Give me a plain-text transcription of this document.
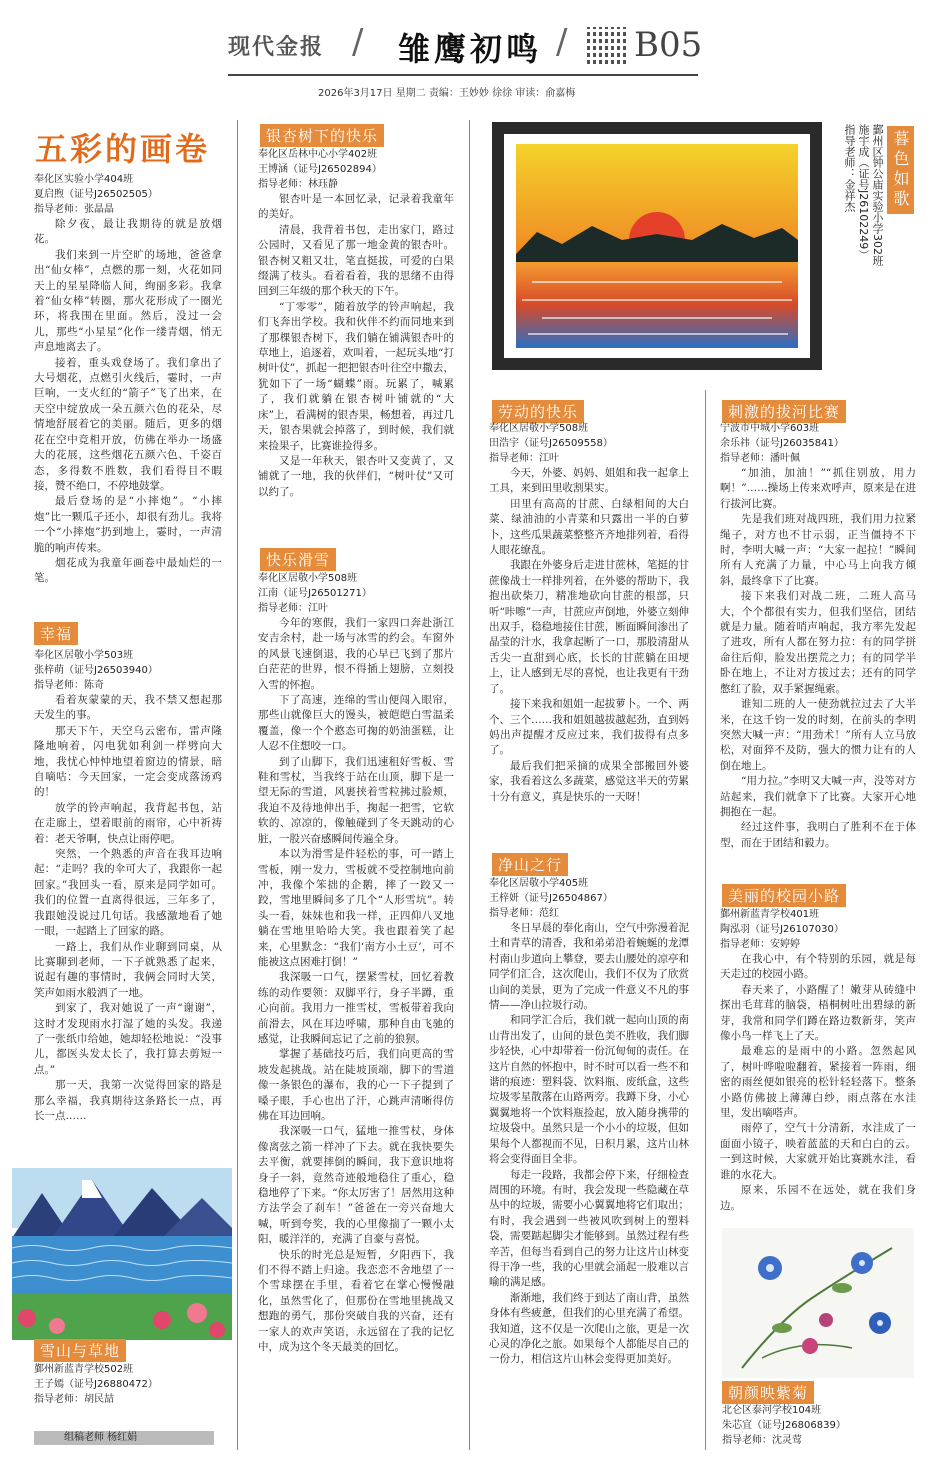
现代金报 / 雏鹰初鸣 / B05
2026年3月17日 星期二 责编：王妙妙 徐徐 审读：俞嘉梅
五彩的画卷
奉化区实验小学404班
夏启煦（证号J26502505）
指导老师：张晶晶

除夕夜，最让我期待的就是放烟花。

我们来到一片空旷的场地，爸爸拿出“仙女棒”，点燃的那一刻，火花如同天上的星星降临人间，绚丽多彩。我拿着“仙女棒”转圈，那火花形成了一圈光环，将我围在里面。然后，没过一会儿，那些“小星星”化作一缕青烟，悄无声息地离去了。

接着，重头戏登场了。我们拿出了大号烟花，点燃引火线后，霎时，一声巨响，一支火红的“箭子”飞了出来，在天空中绽放成一朵五颜六色的花朵，尽情地舒展着它的美丽。随后，更多的烟花在空中竞相开放，仿佛在举办一场盛大的花展，这些烟花五颜六色、千姿百态，多得数不胜数，我们看得目不暇接，赞不绝口，不停地鼓掌。

最后登场的是“小摔炮”。“小摔炮”比一颗瓜子还小，却很有劲儿。我将一个“小摔炮”扔到地上，霎时，一声清脆的响声传来。

烟花成为我童年画卷中最灿烂的一笔。

幸福
奉化区居敬小学503班
张梓萌（证号J26503940）
指导老师：陈奇

看着灰蒙蒙的天，我不禁又想起那天发生的事。

那天下午，天空乌云密布，雷声隆隆地响着，闪电犹如利剑一样劈向大地，我忧心忡忡地望着窗边的情景，暗自嘀咕：今天回家，一定会变成落汤鸡的！

放学的铃声响起，我背起书包，站在走廊上，望着眼前的雨帘，心中祈祷着：老天爷啊，快点让雨停吧。

突然，一个熟悉的声音在我耳边响起：“走吗？我的伞可大了，我跟你一起回家。”我回头一看，原来是同学如可。我们的位置一直离得很远，三年多了，我跟她没说过几句话。我感激地看了她一眼，一起踏上了回家的路。

一路上，我们从作业聊到同桌，从比赛聊到老师，一下子就熟悉了起来，说起有趣的事情时，我俩会同时大笑，笑声如雨水般洒了一地。

到家了，我对她说了一声“谢谢”，这时才发现雨水打湿了她的头发。我递了一张纸巾给她，她却轻松地说：“没事儿，都医头发太长了，我打算去剪短一点。”

那一天，我第一次觉得回家的路是那么幸福，我真期待这条路长一点，再长一点……

雪山与草地
鄞州新蓝青学校502班
王子嫣（证号J26880472）
指导老师：胡民喆
组稿老师 杨红娟
银杏树下的快乐
奉化区岳林中心小学402班
王博涵（证号J26502894）
指导老师：林珏静

银杏叶是一本回忆录，记录着我童年的美好。

清晨，我背着书包，走出家门，路过公园时，又看见了那一地金黄的银杏叶。银杏树又粗又壮，笔直挺拔，可爱的白果缀满了枝头。看着看着，我的思绪不由得回到三年级的那个秋天的下午。

“丁零零”，随着放学的铃声响起，我们飞奔出学校。我和伙伴不约而同地来到了那棵银杏树下，我们躺在铺满银杏叶的草地上，追逐着，欢叫着，一起玩头地“打树叶仗”，抓起一把把银杏叶往空中撒去，犹如下了一场“蝴蝶”雨。玩累了，喊累了，我们就躺在银杏树叶铺就的“大床”上，看满树的银杏果，畅想着，再过几天，银杏果就会掉落了，到时候，我们就来捡果子，比赛谁捡得多。

又是一年秋天，银杏叶又变黄了，又铺就了一地，我的伙伴们，“树叶仗”又可以约了。

快乐滑雪
奉化区居敬小学508班
江南（证号J26501271）
指导老师：江叶

今年的寒假，我们一家四口奔赴浙江安吉余村，赴一场与冰雪的约会。车窗外的风景飞速倒退，我的心早已飞到了那片白茫茫的世界，恨不得插上翅膀，立刻投入雪的怀抱。

下了高速，连绵的雪山便闯入眼帘，那些山就像巨大的馒头，被皑皑白雪温柔覆盖，像一个个憨态可掬的奶油蛋糕，让人忍不住想咬一口。

到了山脚下，我们迅速租好雪板、雪鞋和雪杖，当我终于站在山顶，脚下是一望无际的雪道，风裹挟着雪粒拂过脸颊，我迫不及待地伸出手，掬起一把雪，它软软的、凉凉的，像触碰到了冬天跳动的心脏，一股兴奋感瞬间传遍全身。

本以为滑雪是件轻松的事，可一踏上雪板，刚一发力，雪板就不受控制地向前冲，我像个笨拙的企鹅，摔了一跤又一跤，雪地里瞬间多了几个“人形雪坑”。转头一看，妹妹也和我一样，正四仰八叉地躺在雪地里哈哈大笑。我也跟着笑了起来，心里默念：“我们‘南方小土豆’，可不能被这点困难打倒！”

我深吸一口气，摆紧雪杖，回忆着教练的动作要领：双脚平行，身子半蹲，重心向前。我用力一推雪杖，雪板带着我向前滑去，风在耳边呼啸，那种自由飞驰的感觉，让我瞬间忘记了之前的狼狈。

掌握了基础技巧后，我们向更高的雪坡发起挑战。站在陡坡顶端，脚下的雪道像一条银色的瀑布，我的心一下子提到了嗓子眼，手心也出了汗，心跳声清晰得仿佛在耳边回响。

我深吸一口气，猛地一推雪杖，身体像离弦之箭一样冲了下去。就在我快要失去平衡，就要摔倒的瞬间，我下意识地将身子一斜，竟然奇迹般地稳住了重心，稳稳地停了下来。“你太厉害了！居然用这种方法学会了刹车！”爸爸在一旁兴奋地大喊，听到夸奖，我的心里像揣了一颗小太阳，暖洋洋的，充满了自豪与喜悦。

快乐的时光总是短暂，夕阳西下，我们不得不踏上归途。我恋恋不舍地望了一个雪球摆在手里，看着它在掌心慢慢融化，虽然雪化了，但那份在雪地里挑战又想跑的勇气，那份突破自我的兴奋，还有一家人的欢声笑语，永远留在了我的记忆中，成为这个冬天最美的回忆。

鄞州区钟公庙实验小学302班
施宇成（证号J26102249）
指导老师：金祥杰	暮色如歌
劳动的快乐
奉化区居敬小学508班
田浩宇（证号J26509558）
指导老师：江叶

今天，外婆、妈妈、姐姐和我一起拿上工具，来到田里收割果实。

田里有高高的甘蔗、白绿相间的大白菜、绿油油的小青菜和只露出一半的白萝卜，这些瓜果蔬菜整整齐齐地排列着，看得人眼花缭乱。

我跟在外婆身后走进甘蔗林，笔挺的甘蔗像战士一样排列着，在外婆的帮助下，我抱出砍柴刀，精准地砍向甘蔗的根部，只听“咔嚓”一声，甘蔗应声倒地，外婆立刻伸出双手，稳稳地接住甘蔗，断面瞬间渗出了晶莹的汁水，我拿起断了一口，那股清甜从舌尖一直甜到心底，长长的甘蔗躺在田埂上，让人感到无尽的喜悦，也让我更有干劲了。

接下来我和姐姐一起拔萝卜。一个、两个、三个……我和姐姐越拔越起劲，直到妈妈出声提醒才反应过来，我们拔得有点多了。

最后我们把采摘的成果全部搬回外婆家，我看着这么多蔬菜，感觉这半天的劳累十分有意义，真是快乐的一天呀！

净山之行
奉化区居敬小学405班
王梓妍（证号J26504867）
指导老师：范红

冬日早晨的奉化南山，空气中弥漫着泥土和青草的清香，我和弟弟沿着蜿蜒的龙潭村南山步道向上攀登，要去山腰处的凉亭和同学们汇合，这次爬山，我们不仅为了欣赏山间的美景，更为了完成一件意义不凡的事情——净山拉圾行动。

和同学汇合后，我们就一起向山顶的南山背出发了，山间的景色美不胜收，我们脚步轻快，心中却带着一份沉甸甸的责任。在这片自然的怀抱中，时不时可以看一些不和谐的痕迹：塑料袋、饮料瓶、废纸盒，这些垃圾零星散落在山路两旁。我蹲下身，小心翼翼地将一个饮料瓶捡起，放入随身携带的垃圾袋中。虽然只是一个小小的垃圾，但如果每个人都视而不见，日积月累，这片山林将会变得面目全非。

每走一段路，我都会停下来，仔细检查周围的环境。有时，我会发现一些隐藏在草丛中的垃圾，需要小心翼翼地将它们取出；有时，我会遇到一些被风吹到树上的塑料袋，需要踮起脚尖才能够到。虽然过程有些辛苦，但每当看到自己的努力让这片山林变得干净一些，我的心里就会涌起一股难以言喻的满足感。

渐渐地，我们终于到达了南山背，虽然身体有些疲惫，但我们的心里充满了希望。我知道，这不仅是一次爬山之旅，更是一次心灵的净化之旅。如果每个人都能尽自己的一份力，相信这片山林会变得更加美好。

刺激的拔河比赛
宁波市中城小学603班
余乐祎（证号J26035841）
指导老师：潘叶佩

“加油，加油！”“抓住别放，用力啊！”……操场上传来欢呼声，原来是在进行拔河比赛。

先是我们班对战四班，我们用力拉紧绳子，对方也不甘示弱，正当僵持不下时，李明大喊一声：“大家一起拉！”瞬间所有人充满了力量，中心马上向我方倾斜，最终拿下了比赛。

接下来我们对战二班，二班人高马大，个个都很有实力，但我们坚信，团结就是力量。随着哨声响起，我方率先发起了进攻，所有人都在努力拉：有的同学拼命往后仰，脸发出摆荒之力；有的同学半卧在地上，不让对方拔过去；还有的同学憋红了脸，双手紧握绳索。

谁知二班的人一使劲就拉过去了大半米，在这千钧一发的时刻，在前头的李明突然大喊一声：“用劲术！”所有人立马放松，对面猝不及防，强大的惯力让有的人倒在地上。

“用力拉。”李明又大喊一声，没等对方站起来，我们就拿下了比赛。大家开心地拥抱在一起。

经过这件事，我明白了胜利不在于体型，而在于团结和毅力。

美丽的校园小路
鄞州新蓝青学校401班
陶泓羽（证号J26107030）
指导老师：安婷婷

在我心中，有个特别的乐园，就是每天走过的校园小路。

春天来了，小路醒了！嫩芽从砖缝中探出毛茸茸的脑袋，梧桐树吐出碧绿的新芽，我常和同学们蹲在路边数新芽，笑声像小鸟一样飞上了天。

最难忘的是雨中的小路。忽然起风了，树叶哗啦啦翻着，紧接着一阵雨，细密的雨丝便如银亮的松针轻轻落下。整条小路仿佛披上薄薄白纱，雨点落在水洼里，发出嘀嗒声。

雨停了，空气十分清新，水洼成了一面面小镜子，映着蓝蓝的天和白白的云。一到这时候，大家就开始比赛跳水洼，看谁的水花大。

原来，乐园不在远处，就在我们身边。

朝颜映紫菊
北仑区泰河学校104班
朱芯宜（证号J26806839）
指导老师：沈灵莺
